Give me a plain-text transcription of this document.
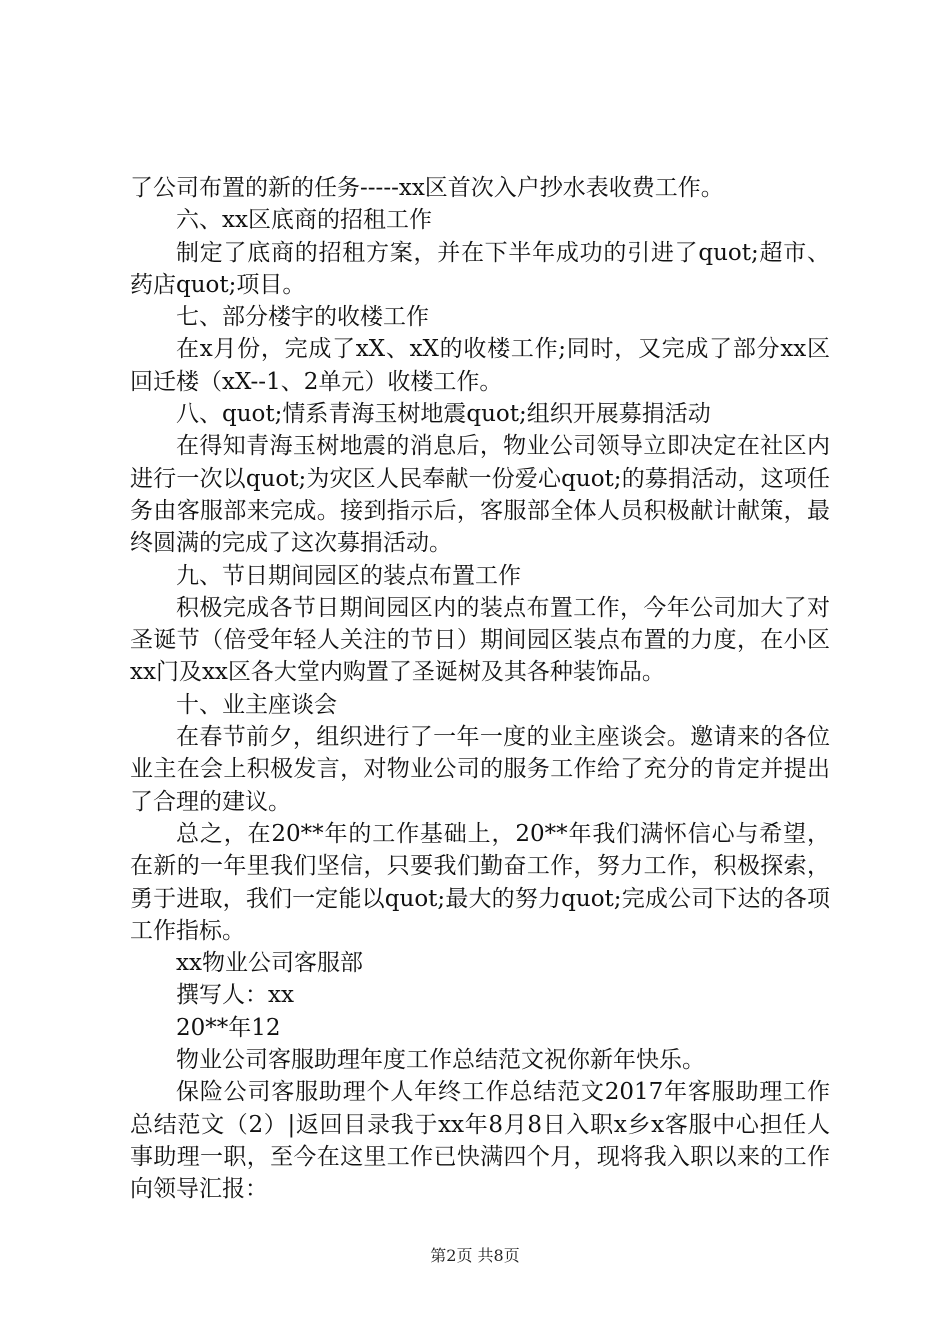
了公司布置的新的任务-----xx区首次入户抄水表收费工作。

六、xx区底商的招租工作

制定了底商的招租方案，并在下半年成功的引进了quot;超市、药店quot;项目。

七、部分楼宇的收楼工作

在x月份，完成了xX、xX的收楼工作;同时，又完成了部分xx区回迁楼（xX--1、2单元）收楼工作。

八、quot;情系青海玉树地震quot;组织开展募捐活动

在得知青海玉树地震的消息后，物业公司领导立即决定在社区内进行一次以quot;为灾区人民奉献一份爱心quot;的募捐活动，这项任务由客服部来完成。接到指示后，客服部全体人员积极献计献策，最终圆满的完成了这次募捐活动。

九、节日期间园区的装点布置工作

积极完成各节日期间园区内的装点布置工作，今年公司加大了对圣诞节（倍受年轻人关注的节日）期间园区装点布置的力度，在小区xx门及xx区各大堂内购置了圣诞树及其各种装饰品。

十、业主座谈会

在春节前夕，组织进行了一年一度的业主座谈会。邀请来的各位业主在会上积极发言，对物业公司的服务工作给了充分的肯定并提出了合理的建议。

总之，在20**年的工作基础上，20**年我们满怀信心与希望，在新的一年里我们坚信，只要我们勤奋工作，努力工作，积极探索，勇于进取，我们一定能以quot;最大的努力quot;完成公司下达的各项工作指标。

xx物业公司客服部

撰写人：xx

20**年12

物业公司客服助理年度工作总结范文祝你新年快乐。

保险公司客服助理个人年终工作总结范文2017年客服助理工作总结范文（2）|返回目录我于xx年8月8日入职x乡x客服中心担任人事助理一职，至今在这里工作已快满四个月，现将我入职以来的工作向领导汇报：

第2页 共8页
